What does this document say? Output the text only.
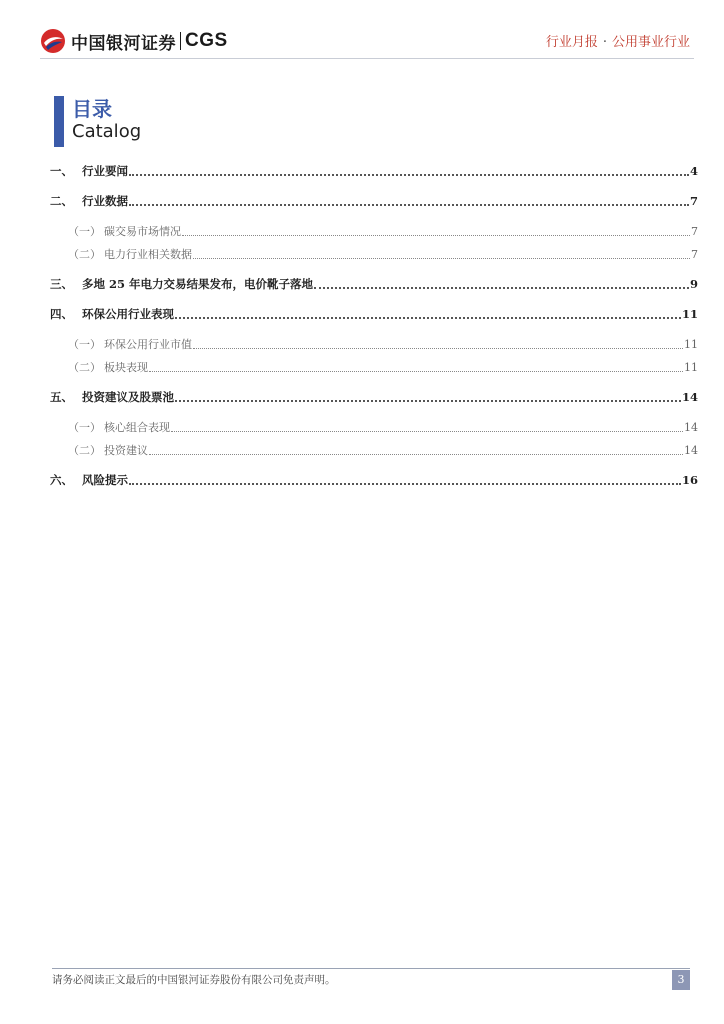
中国银河证券 CGS	行业月报 · 公用事业行业
目录
Catalog
一、 行业要闻	4
二、 行业数据	7
（一） 碳交易市场情况	7
（二） 电力行业相关数据	7
三、 多地 25 年电力交易结果发布，电价靴子落地	9
四、 环保公用行业表现	11
（一） 环保公用行业市值	11
（二） 板块表现	11
五、 投资建议及股票池	14
（一） 核心组合表现	14
（二） 投资建议	14
六、 风险提示	16
请务必阅读正文最后的中国银河证券股份有限公司免责声明。	3
